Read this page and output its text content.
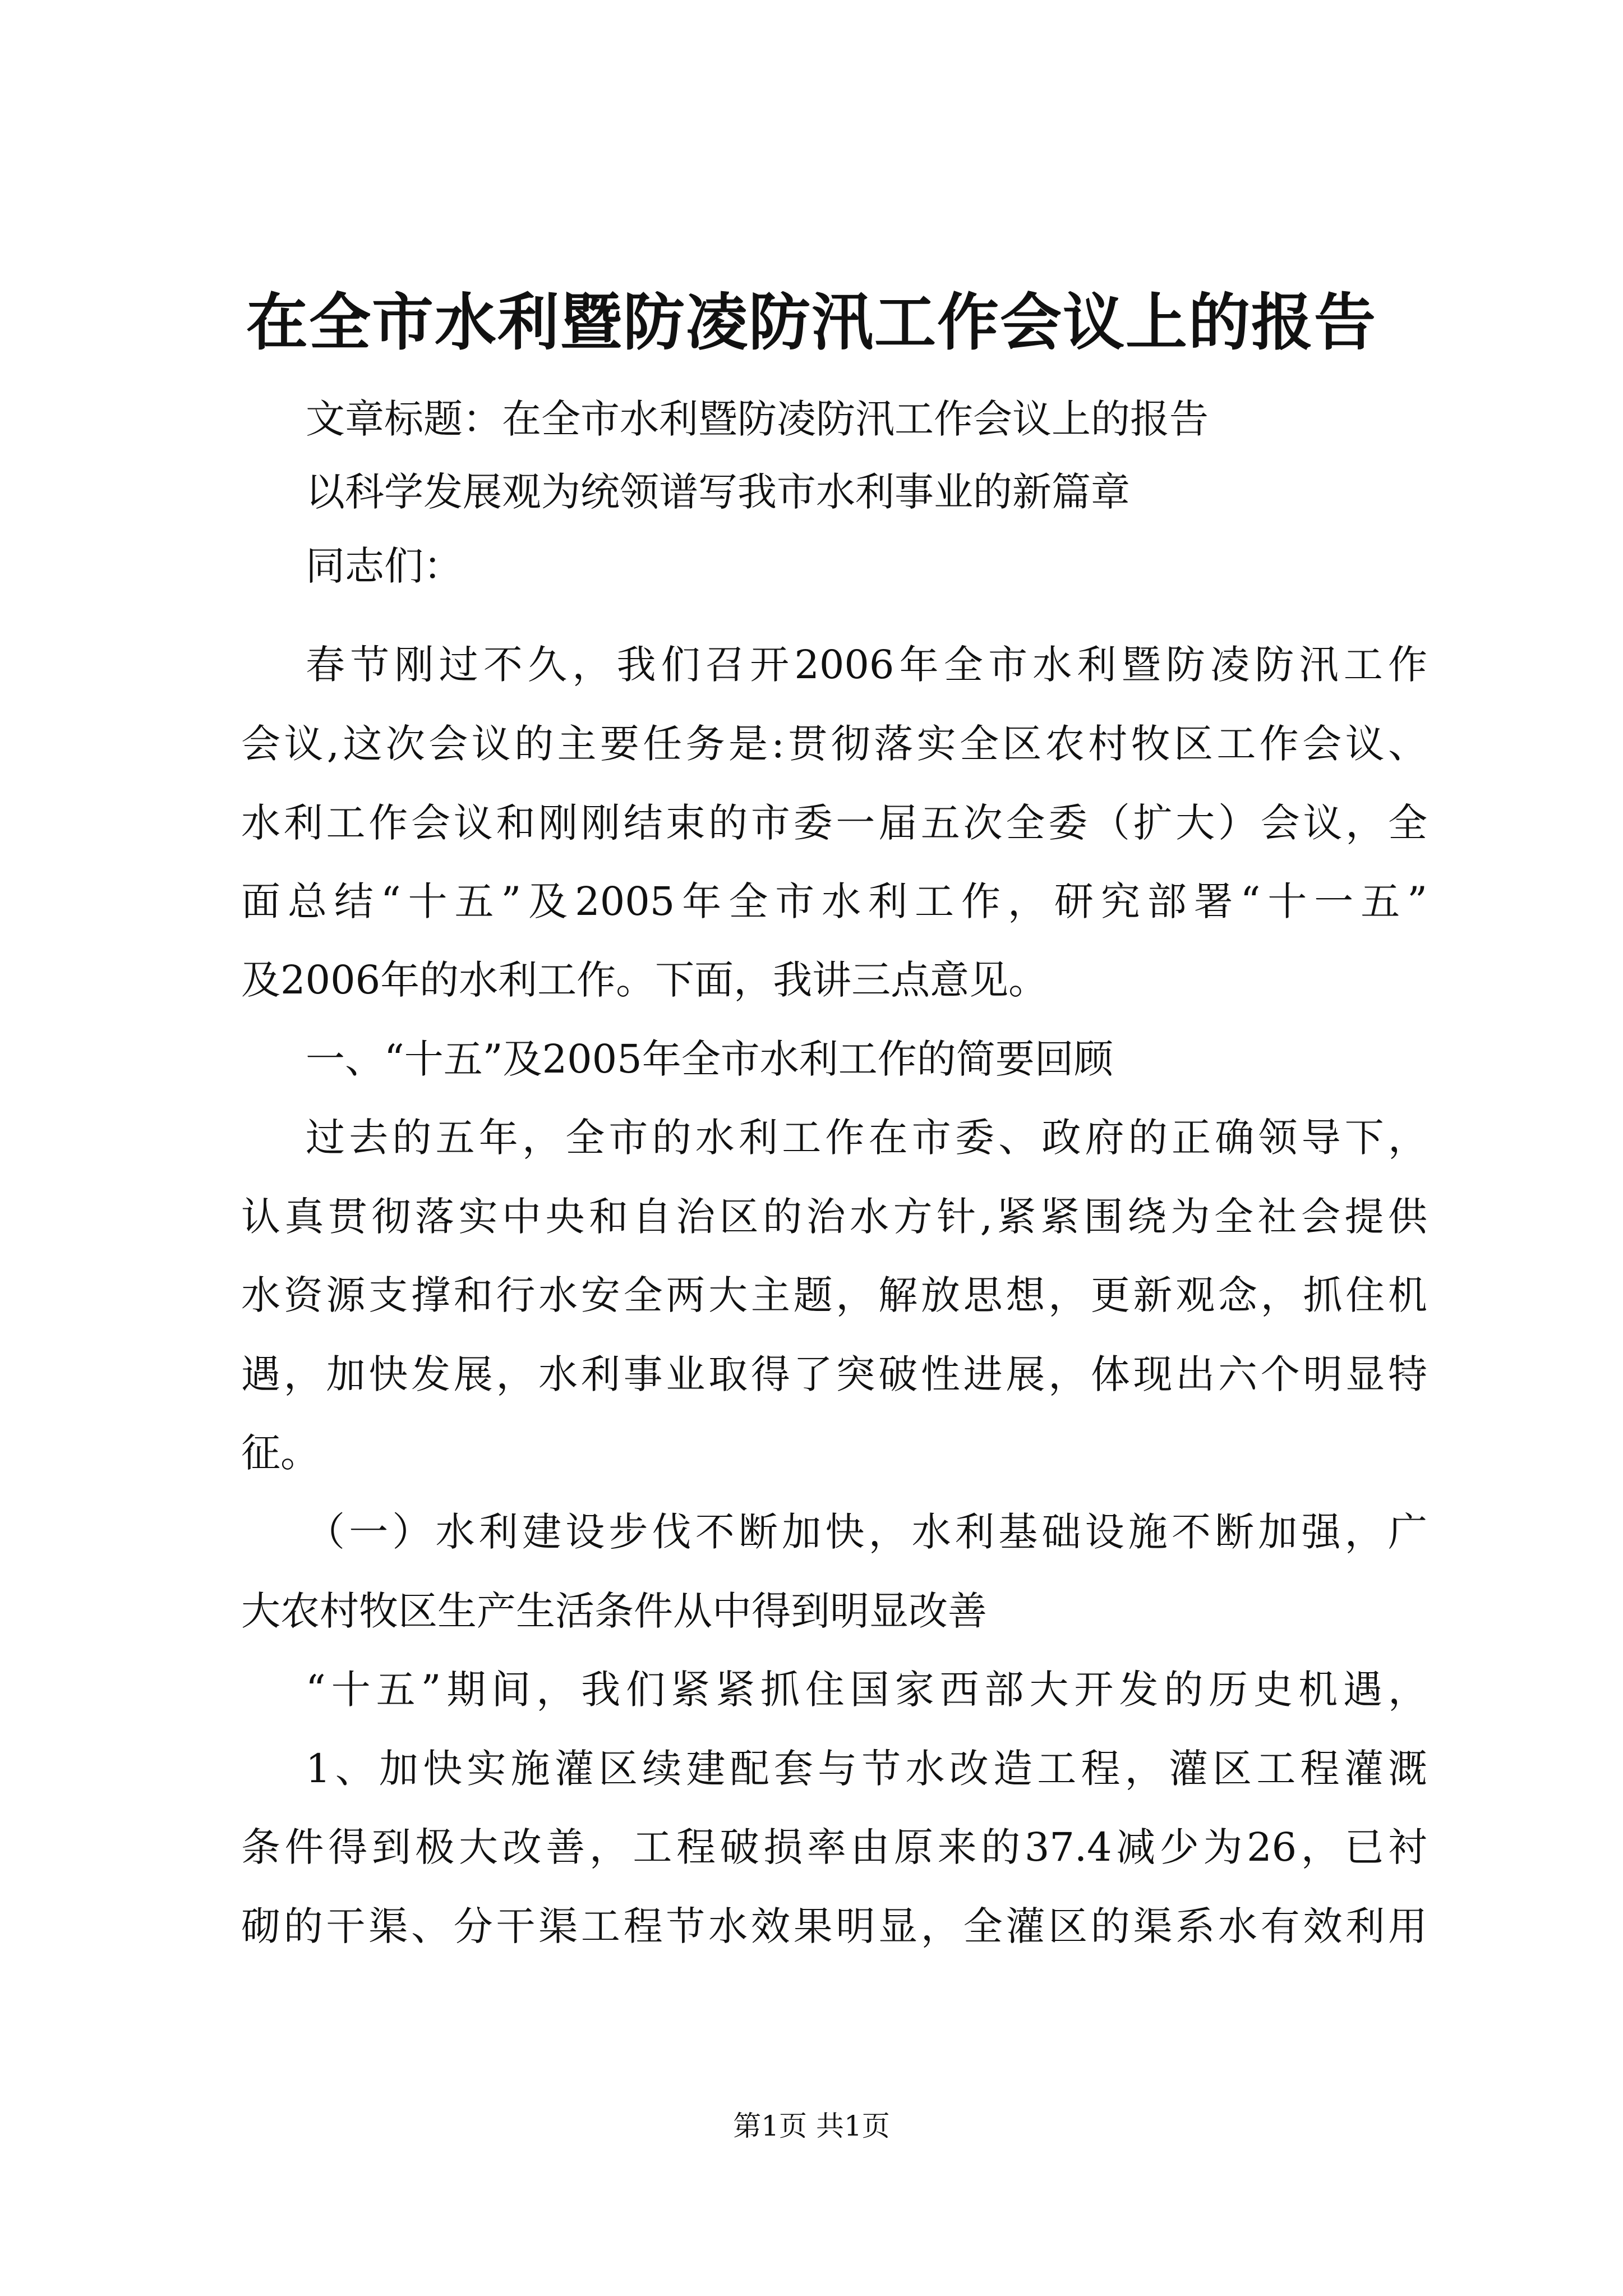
在全市水利暨防凌防汛工作会议上的报告
文章标题：在全市水利暨防凌防汛工作会议上的报告
以科学发展观为统领谱写我市水利事业的新篇章
同志们：
春节刚过不久，我们召开2006年全市水利暨防凌防汛工作
会议,这次会议的主要任务是:贯彻落实全区农村牧区工作会议、
水利工作会议和刚刚结束的市委一届五次全委（扩大）会议，全
面总结“十五”及2005年全市水利工作，研究部署“十一五”
及2006年的水利工作。下面，我讲三点意见。
一、“十五”及2005年全市水利工作的简要回顾
过去的五年，全市的水利工作在市委、政府的正确领导下，
认真贯彻落实中央和自治区的治水方针,紧紧围绕为全社会提供
水资源支撑和行水安全两大主题，解放思想，更新观念，抓住机
遇，加快发展，水利事业取得了突破性进展，体现出六个明显特
征。
（一）水利建设步伐不断加快，水利基础设施不断加强，广
大农村牧区生产生活条件从中得到明显改善
“十五”期间，我们紧紧抓住国家西部大开发的历史机遇，
1、加快实施灌区续建配套与节水改造工程，灌区工程灌溉
条件得到极大改善，工程破损率由原来的37.4减少为26，已衬
砌的干渠、分干渠工程节水效果明显，全灌区的渠系水有效利用
第1页 共1页
